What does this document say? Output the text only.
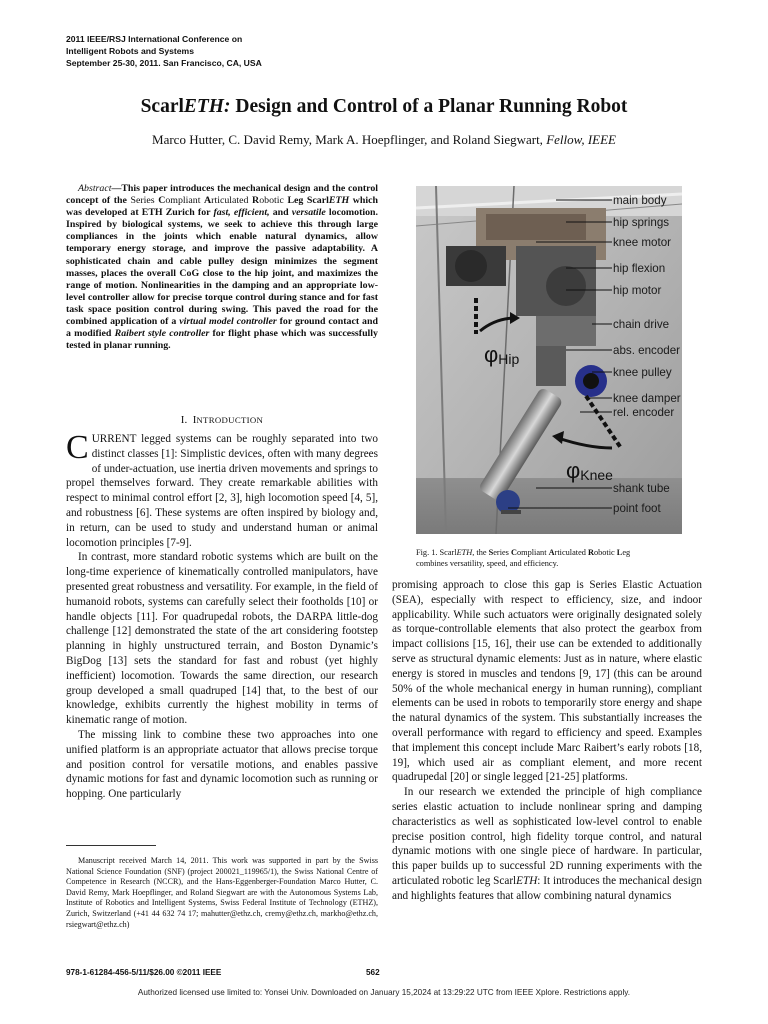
2011 IEEE/RSJ International Conference on
Intelligent Robots and Systems
September 25-30, 2011. San Francisco, CA, USA
ScarlETH: Design and Control of a Planar Running Robot
Marco Hutter, C. David Remy, Mark A. Hoepflinger, and Roland Siegwart, Fellow, IEEE
Abstract—This paper introduces the mechanical design and the control concept of the Series Compliant Articulated Robotic Leg ScarlETH which was developed at ETH Zurich for fast, efficient, and versatile locomotion. Inspired by biological systems, we seek to achieve this through large compliances in the joints which enable natural dynamics, allow temporary energy storage, and improve the passive adaptability. A sophisticated chain and cable pulley design minimizes the segment masses, places the overall CoG close to the hip joint, and maximizes the range of motion. Nonlinearities in the damping and an appropriate low-level controller allow for precise torque control during stance and for fast task space position control during swing. This paved the road for the combined application of a virtual model controller for ground contact and a modified Raibert style controller for flight phase which was successfully tested in planar running.
I. INTRODUCTION

CURRENT legged systems can be roughly separated into two distinct classes [1]: Simplistic devices, often with many degrees of under-actuation, use inertia driven movements and springs to propel themselves forward. They create remarkable abilities with respect to minimal control effort [2, 3], high locomotion speed [4, 5], and robustness [6]. These systems are often inspired by biology and, in return, can be used to study and understand human or animal locomotion principles [7-9].

In contrast, more standard robotic systems which are built on the long-time experience of kinematically controlled manipulators, have presented great robustness and versatility. For example, in the field of humanoid robots, systems can carefully select their footholds [10] or handle objects [11]. For quadrupedal robots, the DARPA little-dog challenge [12] demonstrated the state of the art considering footstep planning in highly unstructured terrain, and Boston Dynamic’s BigDog [13] sets the standard for fast and robust (yet highly inefficient) locomotion. Towards the same direction, our research group developed a small quadruped [14] that, to the best of our knowledge, exhibits currently the highest mobility in terms of kinematic range of motion.

The missing link to combine these two approaches into one unified platform is an appropriate actuator that allows precise torque and position control for versatile motions, and enables passive dynamic motions for fast and dynamic locomotion such as running or hopping. One particularly

Manuscript received March 14, 2011. This work was supported in part by the Swiss National Science Foundation (SNF) (project 200021_119965/1), the Swiss National Centre of Competence in Research (NCCR), and the Hans-Eggenberger-Foundation Marco Hutter, C. David Remy, Mark Hoepflinger, and Roland Siegwart are with the Autonomous Systems Lab, Institute of Robotics and Intelligent Systems, Swiss Federal Institute of Technology (ETHZ), Zurich, Switzerland (+41 44 632 74 17; mahutter@ethz.ch, cremy@ethz.ch, markho@ethz.ch, rsiegwart@ethz.ch)
φHip
φKnee
main body
hip springs
knee motor
hip flexion
hip motor
chain drive
abs. encoder
knee pulley
knee damper
rel. encoder
shank tube
point foot
Fig. 1. ScarlETH, the Series Compliant Articulated Robotic Leg
combines versatility, speed, and efficiency.

promising approach to close this gap is Series Elastic Actuation (SEA), especially with respect to efficiency, size, and indoor applicability. While such actuators were originally designated solely as torque-controllable elements that also protect the gearbox from impact collisions [15, 16], their use can be extended to additionally serve as structural dynamic elements: Just as in nature, where elastic energy is stored in muscles and tendons [9, 17] (this can be around 50% of the whole mechanical energy in human running), compliant elements can be used in robots to temporarily store energy and shape the natural dynamics of the system. This substantially increases the overall performance with regard to efficiency and speed. Examples that implement this concept include Marc Raibert’s early robots [18, 19], which used air as compliant element, and more recent quadrupedal [20] or single legged [21-25] platforms.

In our research we extended the principle of high compliance series elastic actuation to include nonlinear spring and damping characteristics as well as sophisticated low-level control to enable precise position control, high fidelity torque control, and natural dynamic motions with one single piece of hardware. In particular, this paper builds up to successful 2D running experiments with the articulated robotic leg ScarlETH: It introduces the mechanical design and highlights features that allow combining natural dynamics

978-1-61284-456-5/11/$26.00 ©2011 IEEE	562
Authorized licensed use limited to: Yonsei Univ. Downloaded on January 15,2024 at 13:29:22 UTC from IEEE Xplore. Restrictions apply.
